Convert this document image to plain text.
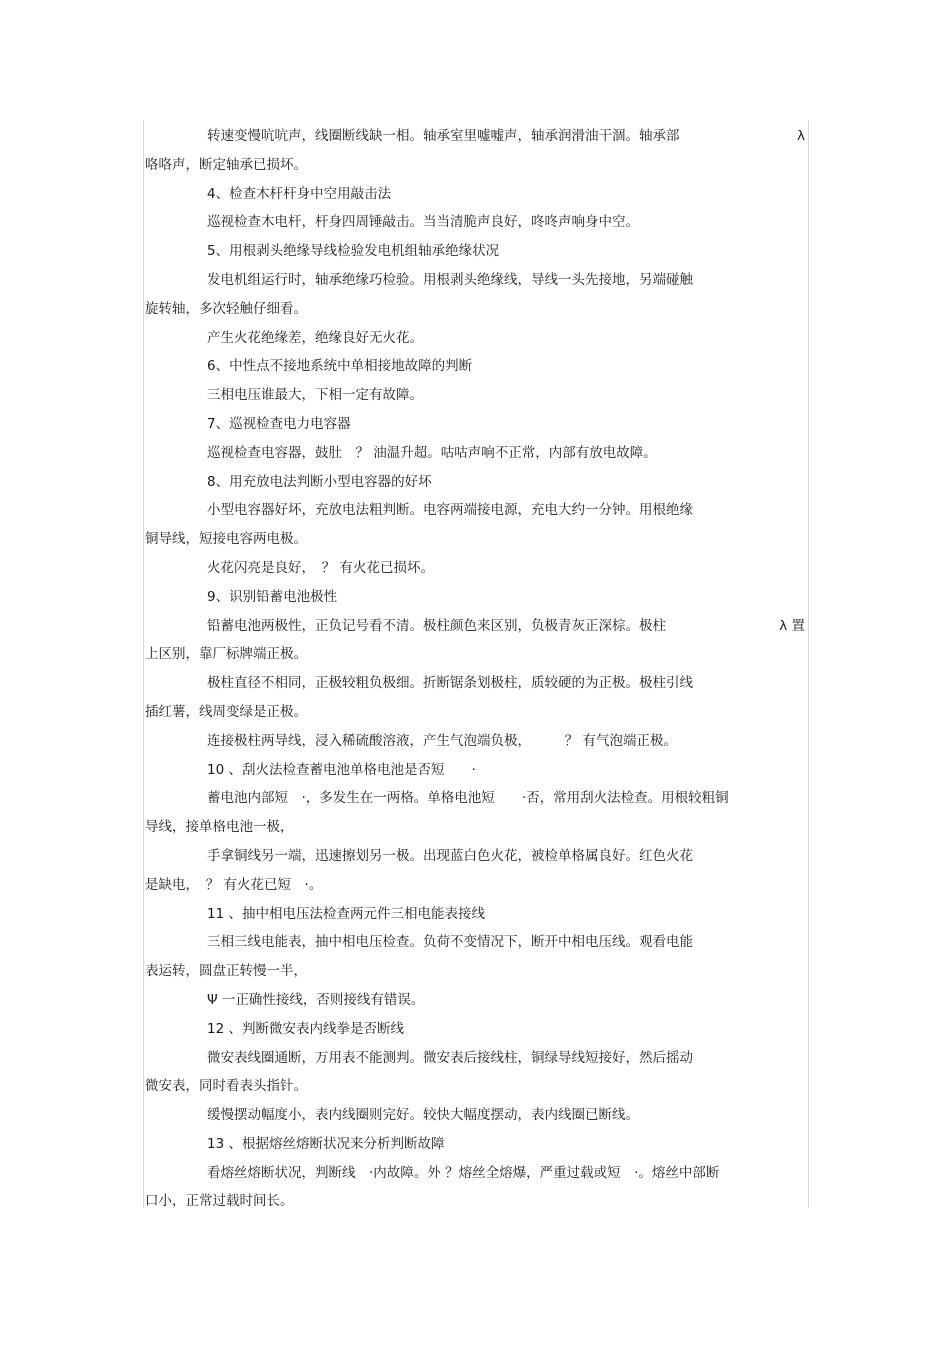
转速变慢吭吭声，线圈断线缺一相。轴承室里嘘嘘声，轴承润滑油干涸。轴承部	λ
咯咯声，断定轴承已损坏。
4、检查木杆杆身中空用敲击法
巡视检查木电杆，杆身四周锤敲击。当当清脆声良好，咚咚声响身中空。
5、用根剥头绝缘导线检验发电机组轴承绝缘状况
发电机组运行时，轴承绝缘巧检验。用根剥头绝缘线，导线一头先接地，另端碰触
旋转轴，多次轻触仔细看。
产生火花绝缘差，绝缘良好无火花。
6、中性点不接地系统中单相接地故障的判断
三相电压谁最大，下相一定有故障。
7、巡视检查电力电容器
巡视检查电容器，鼓肚　？ 油温升超。咕咕声响不正常，内部有放电故障。
8、用充放电法判断小型电容器的好坏
小型电容器好坏，充放电法粗判断。电容两端接电源，充电大约一分钟。用根绝缘
铜导线，短接电容两电极。
火花闪亮是良好，　？ 有火花已损坏。
9、识别铅蓄电池极性
铅蓄电池两极性，正负记号看不清。极柱颜色来区别，负极青灰正深棕。极柱	λ 置
上区别，靠厂标牌端正极。
极柱直径不相同，正极较粗负极细。折断锯条划极柱，质较硬的为正极。极柱引线
插红薯，线周变绿是正极。
连接极柱两导线，浸入稀硫酸溶液，产生气泡端负极，　　　？ 有气泡端正极。
10 、刮火法检查蓄电池单格电池是否短　　·
蓄电池内部短　·，多发生在一两格。单格电池短　　·否，常用刮火法检查。用根较粗铜
导线，接单格电池一极，
手拿铜线另一端，迅速擦划另一极。出现蓝白色火花，被检单格属良好。红色火花
是缺电，　？ 有火花已短　·。
11 、抽中相电压法检查两元件三相电能表接线
三相三线电能表，抽中相电压检查。负荷不变情况下，断开中相电压线。观看电能
表运转，圆盘正转慢一半，
Ψ 一正确性接线，否则接线有错误。
12 、判断微安表内线拳是否断线
微安表线圈通断，万用表不能测判。微安表后接线柱，铜绿导线短接好，然后摇动
微安表，同时看表头指针。
缓慢摆动幅度小，表内线圈则完好。较快大幅度摆动，表内线圈已断线。
13 、根据熔丝熔断状况来分析判断故障
看熔丝熔断状况，判断线　·内故障。外 ？熔丝全熔爆，严重过载或短　·。熔丝中部断
口小，正常过载时间长。
